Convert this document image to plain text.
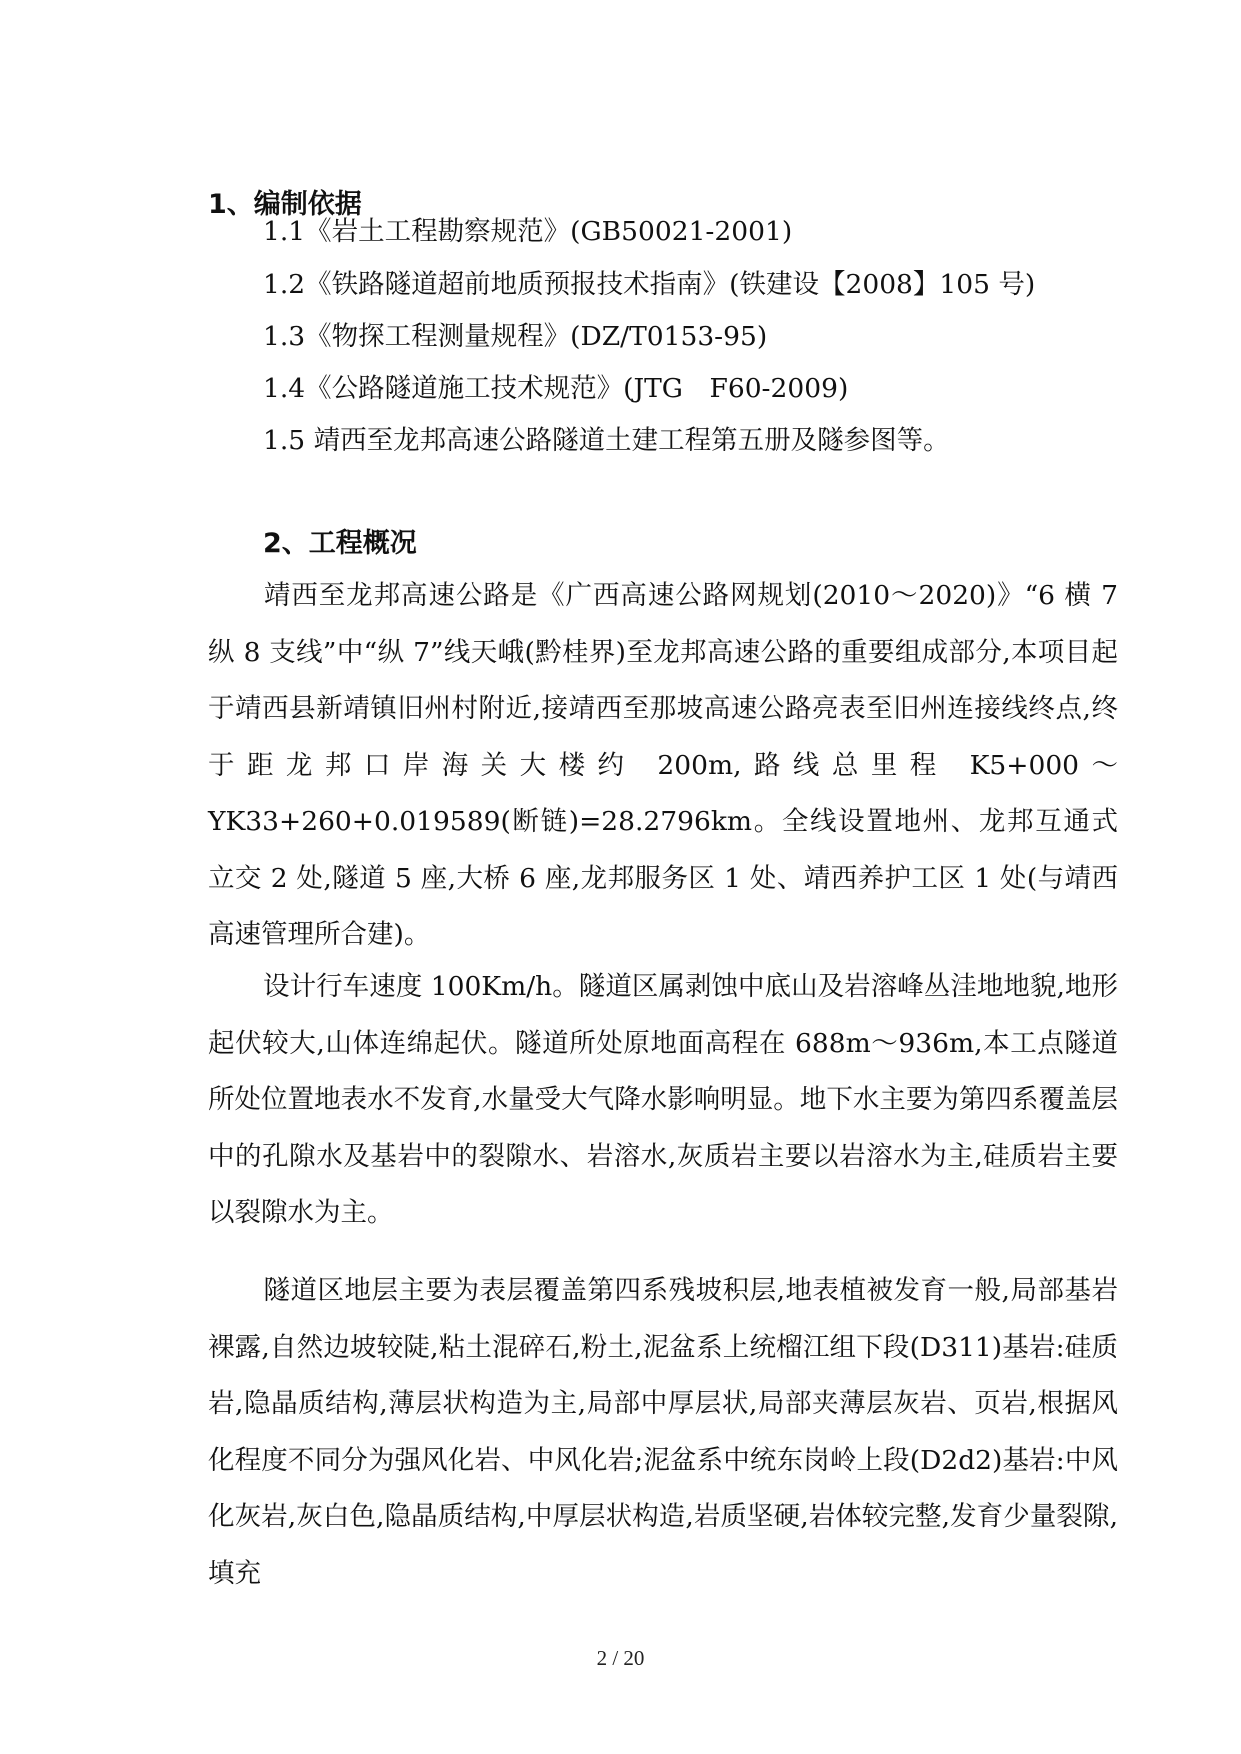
1、编制依据
1.1《岩土工程勘察规范》(GB50021-2001)
1.2《铁路隧道超前地质预报技术指南》(铁建设【2008】105 号)
1.3《物探工程测量规程》(DZ/T0153-95)
1.4《公路隧道施工技术规范》(JTG　F60-2009)
1.5 靖西至龙邦高速公路隧道土建工程第五册及隧参图等。
2、工程概况
靖西至龙邦高速公路是《广西高速公路网规划(2010～2020)》“6 横 7 纵 8 支线”中“纵 7”线天峨(黔桂界)至龙邦高速公路的重要组成部分,本项目起于靖西县新靖镇旧州村附近,接靖西至那坡高速公路亮表至旧州连接线终点,终于距龙邦口岸海关大楼约 200m,路线总里程 K5+000～YK33+260+0.019589(断链)=28.2796km。全线设置地州、龙邦互通式立交 2 处,隧道 5 座,大桥 6 座,龙邦服务区 1 处、靖西养护工区 1 处(与靖西高速管理所合建)。
设计行车速度 100Km/h。隧道区属剥蚀中底山及岩溶峰丛洼地地貌,地形起伏较大,山体连绵起伏。隧道所处原地面高程在 688m～936m,本工点隧道所处位置地表水不发育,水量受大气降水影响明显。地下水主要为第四系覆盖层中的孔隙水及基岩中的裂隙水、岩溶水,灰质岩主要以岩溶水为主,硅质岩主要以裂隙水为主。
隧道区地层主要为表层覆盖第四系残坡积层,地表植被发育一般,局部基岩裸露,自然边坡较陡,粘土混碎石,粉土,泥盆系上统榴江组下段(D311)基岩:硅质岩,隐晶质结构,薄层状构造为主,局部中厚层状,局部夹薄层灰岩、页岩,根据风化程度不同分为强风化岩、中风化岩;泥盆系中统东岗岭上段(D2d2)基岩:中风化灰岩,灰白色,隐晶质结构,中厚层状构造,岩质坚硬,岩体较完整,发育少量裂隙,填充
2 / 20
